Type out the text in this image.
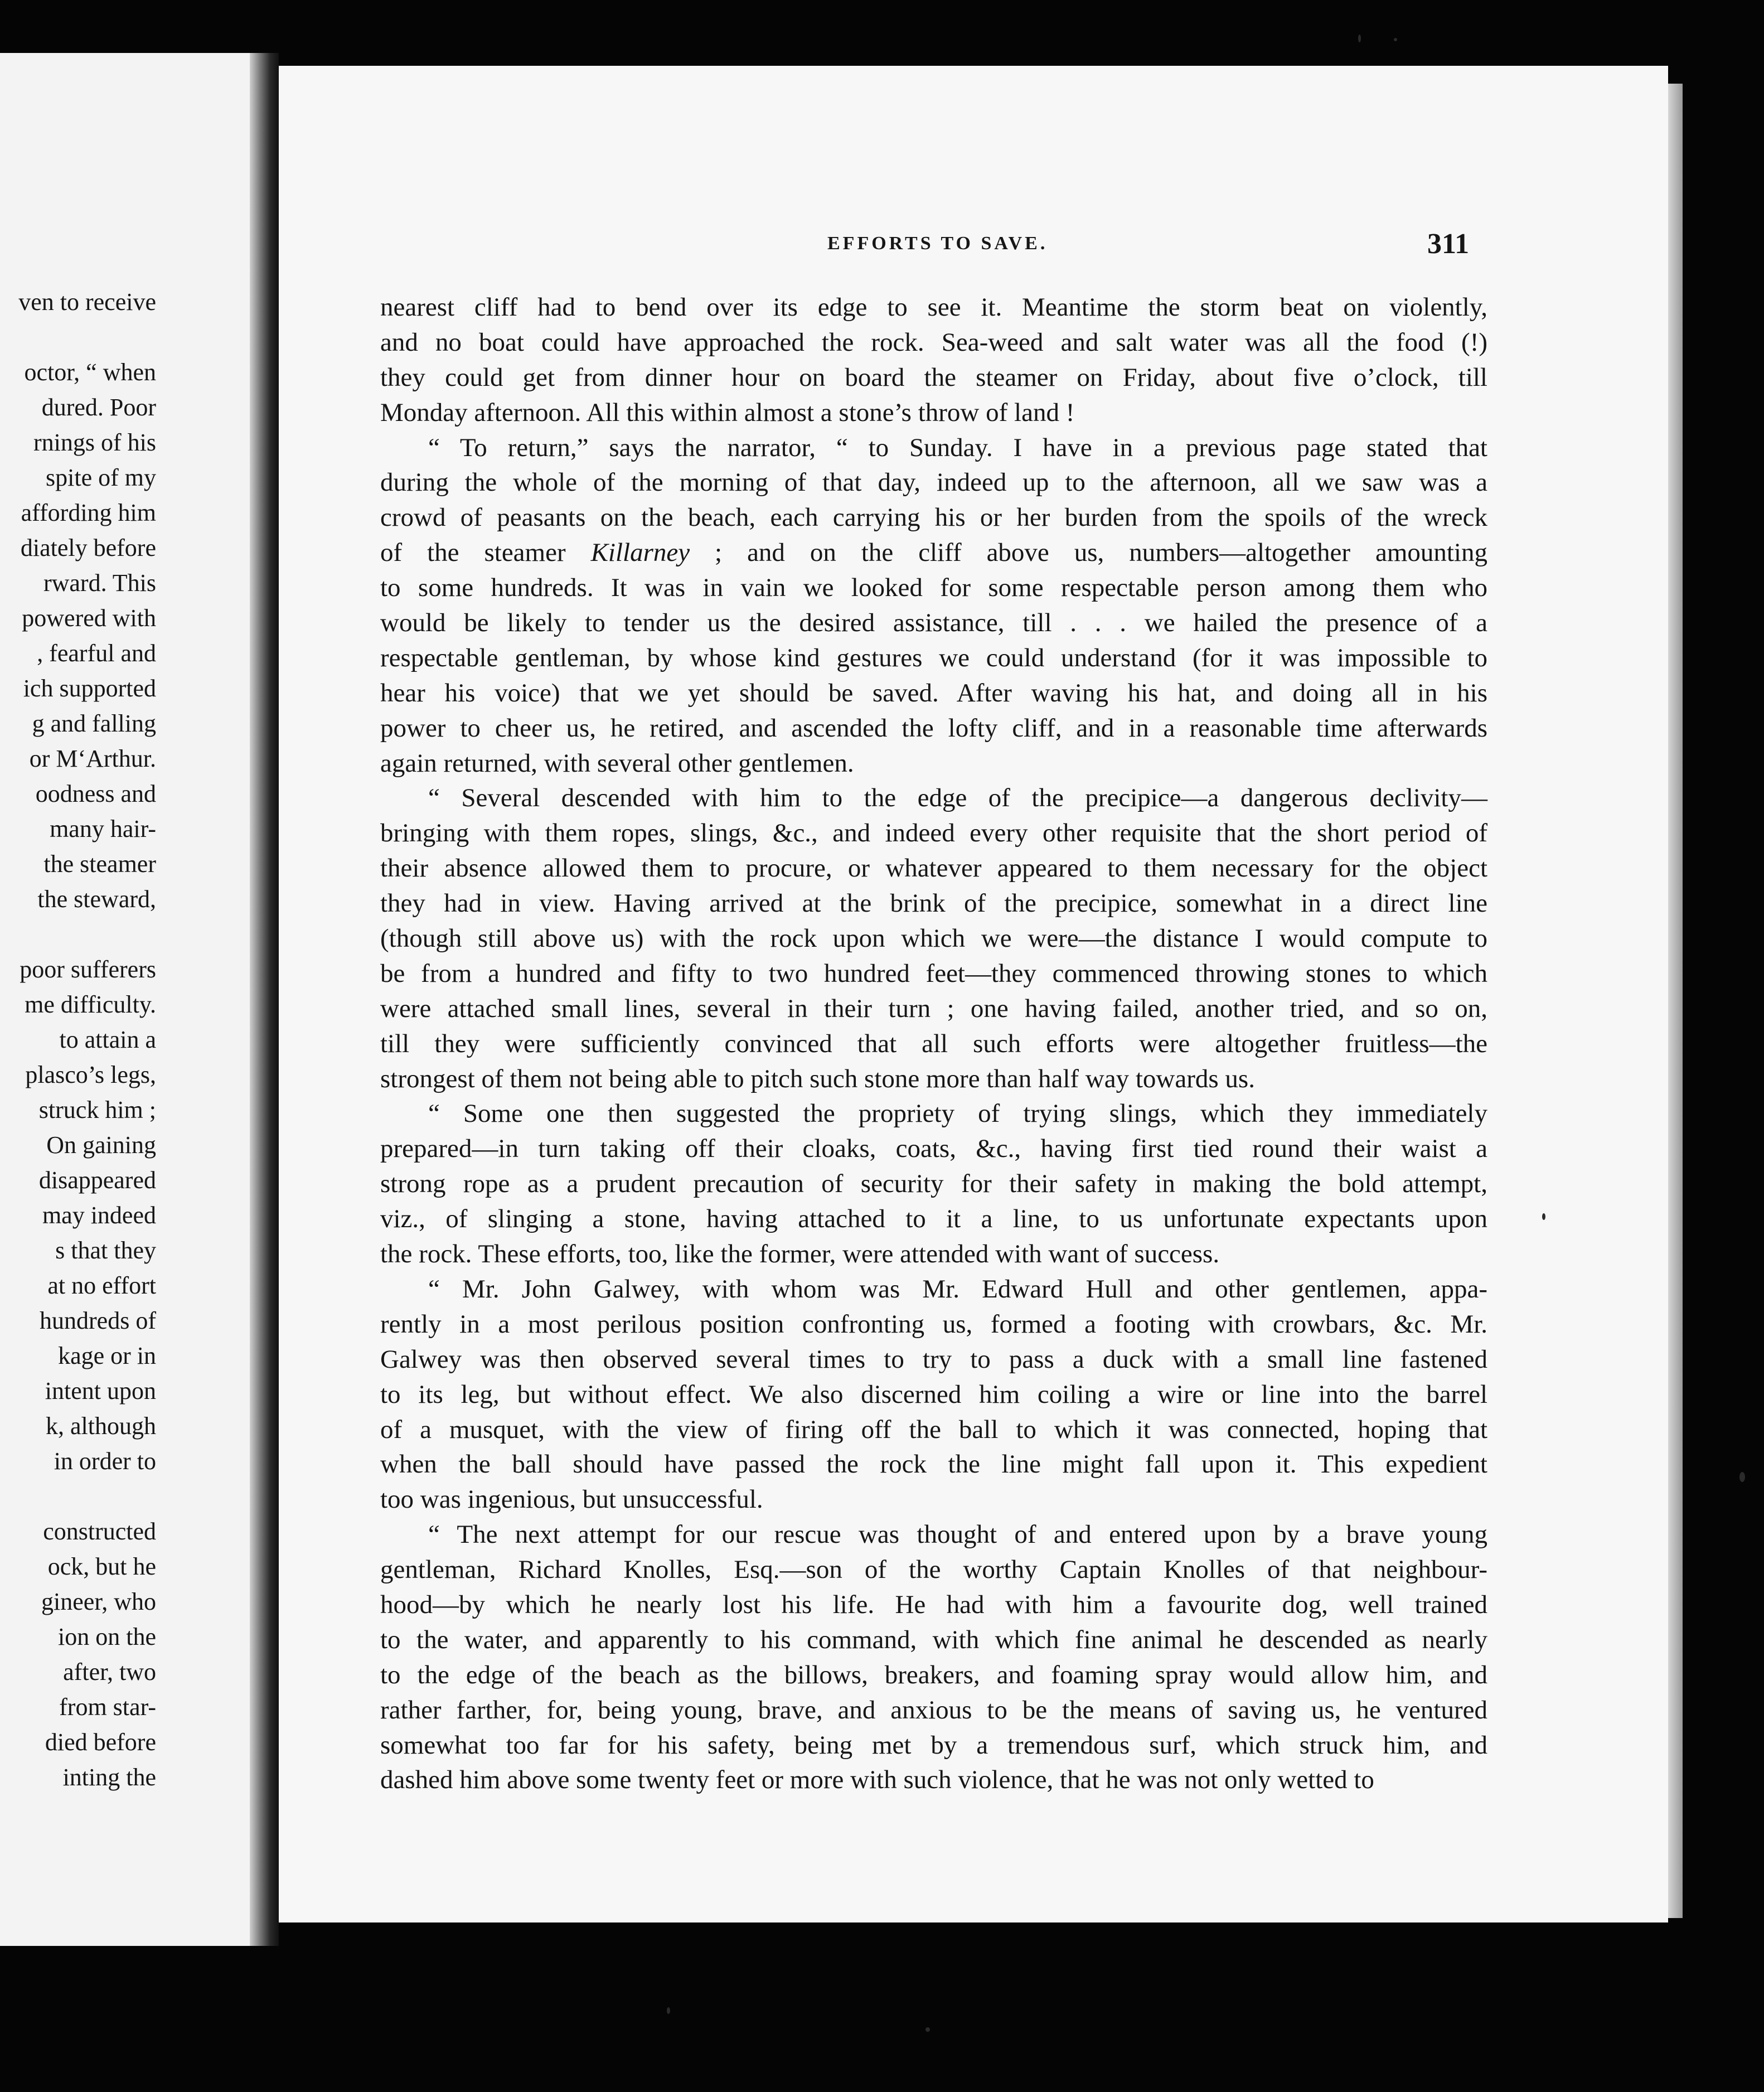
ven to receive

octor, “ when

dured. Poor

rnings of his

spite of my

affording him

diately before

rward. This

powered with

, fearful and

ich supported

g and falling

or M‘Arthur.

oodness and

many hair-

the steamer

the steward,

poor sufferers

me difficulty.

to attain a

plasco’s legs,

struck him ;

On gaining

disappeared

may indeed

s that they

at no effort

hundreds of

kage or in

intent upon

k, although

in order to

constructed

ock, but he

gineer, who

ion on the

after, two

from star-

died before

inting the

EFFORTS TO SAVE.	311

nearest cliff had to bend over its edge to see it. Meantime the storm beat on violently,

and no boat could have approached the rock. Sea-weed and salt water was all the food (!)

they could get from dinner hour on board the steamer on Friday, about five o’clock, till

Monday afternoon. All this within almost a stone’s throw of land !

“ To return,” says the narrator, “ to Sunday. I have in a previous page stated that

during the whole of the morning of that day, indeed up to the afternoon, all we saw was a

crowd of peasants on the beach, each carrying his or her burden from the spoils of the wreck

of the steamer Killarney ; and on the cliff above us, numbers—altogether amounting

to some hundreds. It was in vain we looked for some respectable person among them who

would be likely to tender us the desired assistance, till . . . we hailed the presence of a

respectable gentleman, by whose kind gestures we could understand (for it was impossible to

hear his voice) that we yet should be saved. After waving his hat, and doing all in his

power to cheer us, he retired, and ascended the lofty cliff, and in a reasonable time afterwards

again returned, with several other gentlemen.

“ Several descended with him to the edge of the precipice—a dangerous declivity—

bringing with them ropes, slings, &c., and indeed every other requisite that the short period of

their absence allowed them to procure, or whatever appeared to them necessary for the object

they had in view. Having arrived at the brink of the precipice, somewhat in a direct line

(though still above us) with the rock upon which we were—the distance I would compute to

be from a hundred and fifty to two hundred feet—they commenced throwing stones to which

were attached small lines, several in their turn ; one having failed, another tried, and so on,

till they were sufficiently convinced that all such efforts were altogether fruitless—the

strongest of them not being able to pitch such stone more than half way towards us.

“ Some one then suggested the propriety of trying slings, which they immediately

prepared—in turn taking off their cloaks, coats, &c., having first tied round their waist a

strong rope as a prudent precaution of security for their safety in making the bold attempt,

viz., of slinging a stone, having attached to it a line, to us unfortunate expectants upon

the rock. These efforts, too, like the former, were attended with want of success.

“ Mr. John Galwey, with whom was Mr. Edward Hull and other gentlemen, appa-

rently in a most perilous position confronting us, formed a footing with crowbars, &c. Mr.

Galwey was then observed several times to try to pass a duck with a small line fastened

to its leg, but without effect. We also discerned him coiling a wire or line into the barrel

of a musquet, with the view of firing off the ball to which it was connected, hoping that

when the ball should have passed the rock the line might fall upon it. This expedient

too was ingenious, but unsuccessful.

“ The next attempt for our rescue was thought of and entered upon by a brave young

gentleman, Richard Knolles, Esq.—son of the worthy Captain Knolles of that neighbour-

hood—by which he nearly lost his life. He had with him a favourite dog, well trained

to the water, and apparently to his command, with which fine animal he descended as nearly

to the edge of the beach as the billows, breakers, and foaming spray would allow him, and

rather farther, for, being young, brave, and anxious to be the means of saving us, he ventured

somewhat too far for his safety, being met by a tremendous surf, which struck him, and

dashed him above some twenty feet or more with such violence, that he was not only wetted to
